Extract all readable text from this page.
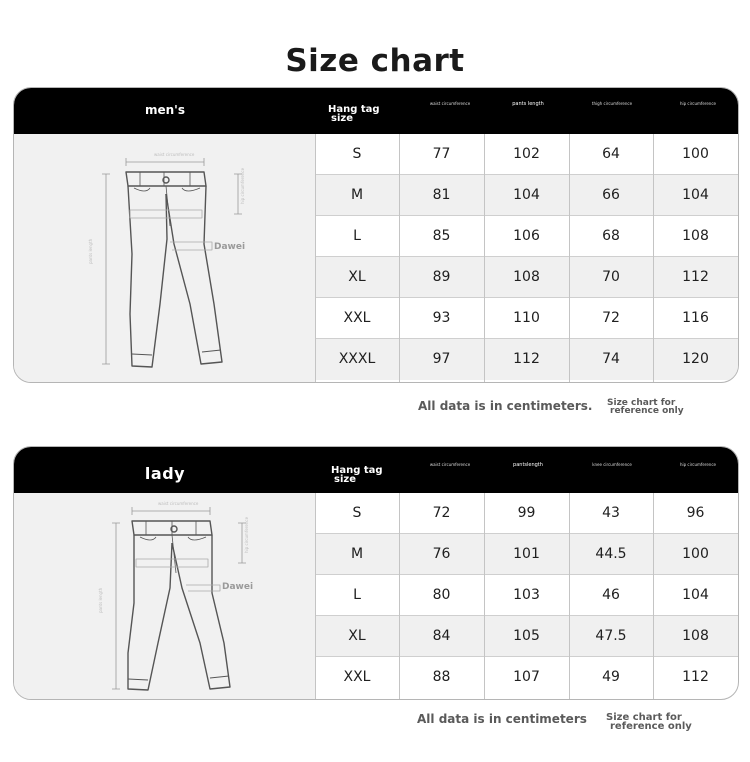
Size chart
men's	Hang tag
size
waist circumference	pants length	thigh circumference	hip circumference
waist circumference
pants length
hip circumference
Dawei
S	77	102	64	100
M	81	104	66	104
L	85	106	68	108
XL	89	108	70	112
XXL	93	110	72	116
XXXL	97	112	74	120
All data is in centimeters. Size chart for
reference only
lady	Hang tag
size
waist circumference	pantslength	knee circumference	hip circumference
waist circumference
pants length
hip circumference
Dawei
S	72	99	43	96
M	76	101	44.5	100
L	80	103	46	104
XL	84	105	47.5	108
XXL	88	107	49	112
All data is in centimeters Size chart for
reference only
